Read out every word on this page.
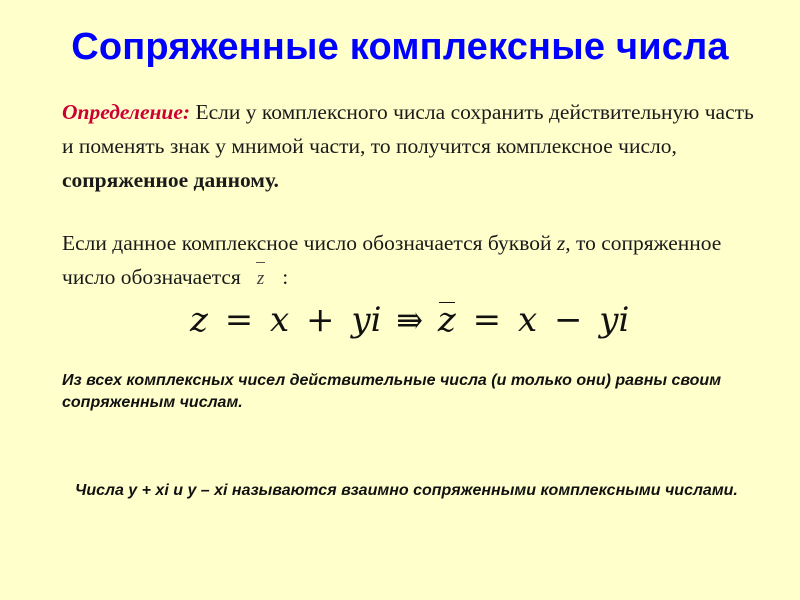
Сопряженные комплексные числа
Определение: Если у комплексного числа сохранить действительную часть и поменять знак у мнимой части, то получится комплексное число, сопряженное данному.
Если данное комплексное число обозначается буквой z, то сопряженное число обозначается z :
z = x + yi ⇛ z = x − yi
Из всех комплексных чисел действительные числа (и только они) равны своим сопряженным числам.
Числа y + xi и y – xi называются взаимно сопряженными комплексными числами.
